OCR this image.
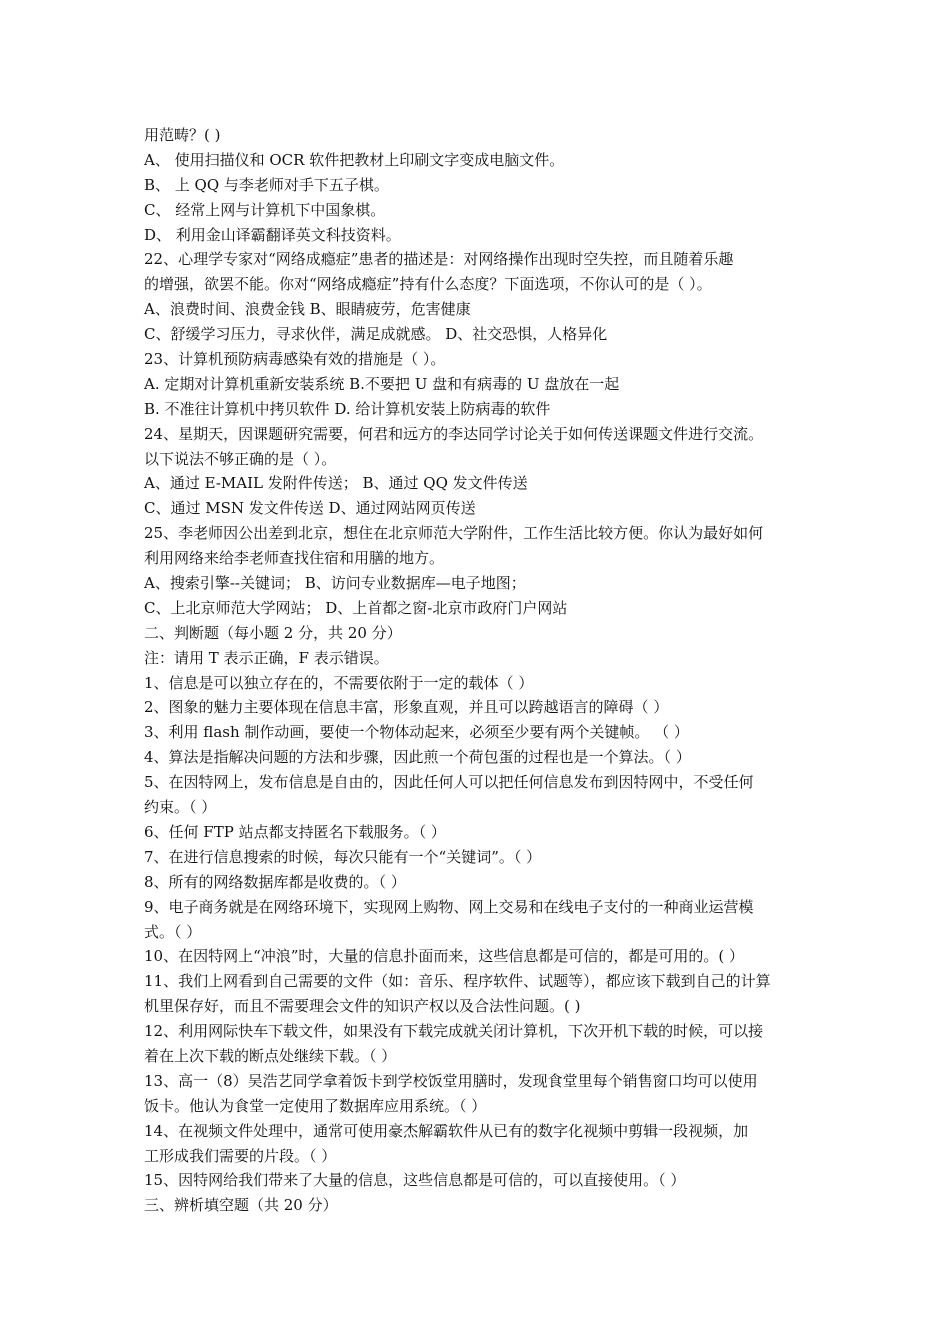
用范畴？( )
A、 使用扫描仪和 OCR 软件把教材上印刷文字变成电脑文件。
B、 上 QQ 与李老师对手下五子棋。
C、 经常上网与计算机下中国象棋。
D、 利用金山译霸翻译英文科技资料。
22、心理学专家对“网络成瘾症”患者的描述是：对网络操作出现时空失控，而且随着乐趣
的增强，欲罢不能。你对“网络成瘾症”持有什么态度？下面选项，不你认可的是（ ）。
A、浪费时间、浪费金钱 B、眼睛疲劳，危害健康
C、舒缓学习压力，寻求伙伴，满足成就感。 D、社交恐惧，人格异化
23、计算机预防病毒感染有效的措施是（ ）。
A. 定期对计算机重新安装系统 B.不要把 U 盘和有病毒的 U 盘放在一起
B. 不准往计算机中拷贝软件 D. 给计算机安装上防病毒的软件
24、星期天，因课题研究需要，何君和远方的李达同学讨论关于如何传送课题文件进行交流。
以下说法不够正确的是（ ）。
A、通过 E-MAIL 发附件传送； B、通过 QQ 发文件传送
C、通过 MSN 发文件传送 D、通过网站网页传送
25、李老师因公出差到北京，想住在北京师范大学附件，工作生活比较方便。你认为最好如何
利用网络来给李老师查找住宿和用膳的地方。
A、搜索引擎--关键词； B、访问专业数据库—电子地图；
C、上北京师范大学网站； D、上首都之窗-北京市政府门户网站
二、判断题（每小题 2 分，共 20 分）
注：请用 T 表示正确，F 表示错误。
1、信息是可以独立存在的，不需要依附于一定的载体（ ）
2、图象的魅力主要体现在信息丰富，形象直观，并且可以跨越语言的障碍（ ）
3、利用 flash 制作动画，要使一个物体动起来，必须至少要有两个关键帧。 （ ）
4、算法是指解决问题的方法和步骤，因此煎一个荷包蛋的过程也是一个算法。（ ）
5、在因特网上，发布信息是自由的，因此任何人可以把任何信息发布到因特网中，不受任何
约束。（ ）
6、任何 FTP 站点都支持匿名下载服务。（ ）
7、在进行信息搜索的时候，每次只能有一个“关键词”。（ ）
8、所有的网络数据库都是收费的。（ ）
9、电子商务就是在网络环境下，实现网上购物、网上交易和在线电子支付的一种商业运营模
式。（ ）
10、在因特网上“冲浪”时，大量的信息扑面而来，这些信息都是可信的，都是可用的。( ）
11、我们上网看到自己需要的文件（如：音乐、程序软件、试题等），都应该下载到自己的计算
机里保存好，而且不需要理会文件的知识产权以及合法性问题。( )
12、利用网际快车下载文件，如果没有下载完成就关闭计算机，下次开机下载的时候，可以接
着在上次下载的断点处继续下载。（ ）
13、高一（8）吴浩艺同学拿着饭卡到学校饭堂用膳时，发现食堂里每个销售窗口均可以使用
饭卡。他认为食堂一定使用了数据库应用系统。（ ）
14、在视频文件处理中，通常可使用豪杰解霸软件从已有的数字化视频中剪辑一段视频，加
工形成我们需要的片段。（ ）
15、因特网给我们带来了大量的信息，这些信息都是可信的，可以直接使用。（ ）
三、辨析填空题（共 20 分）
